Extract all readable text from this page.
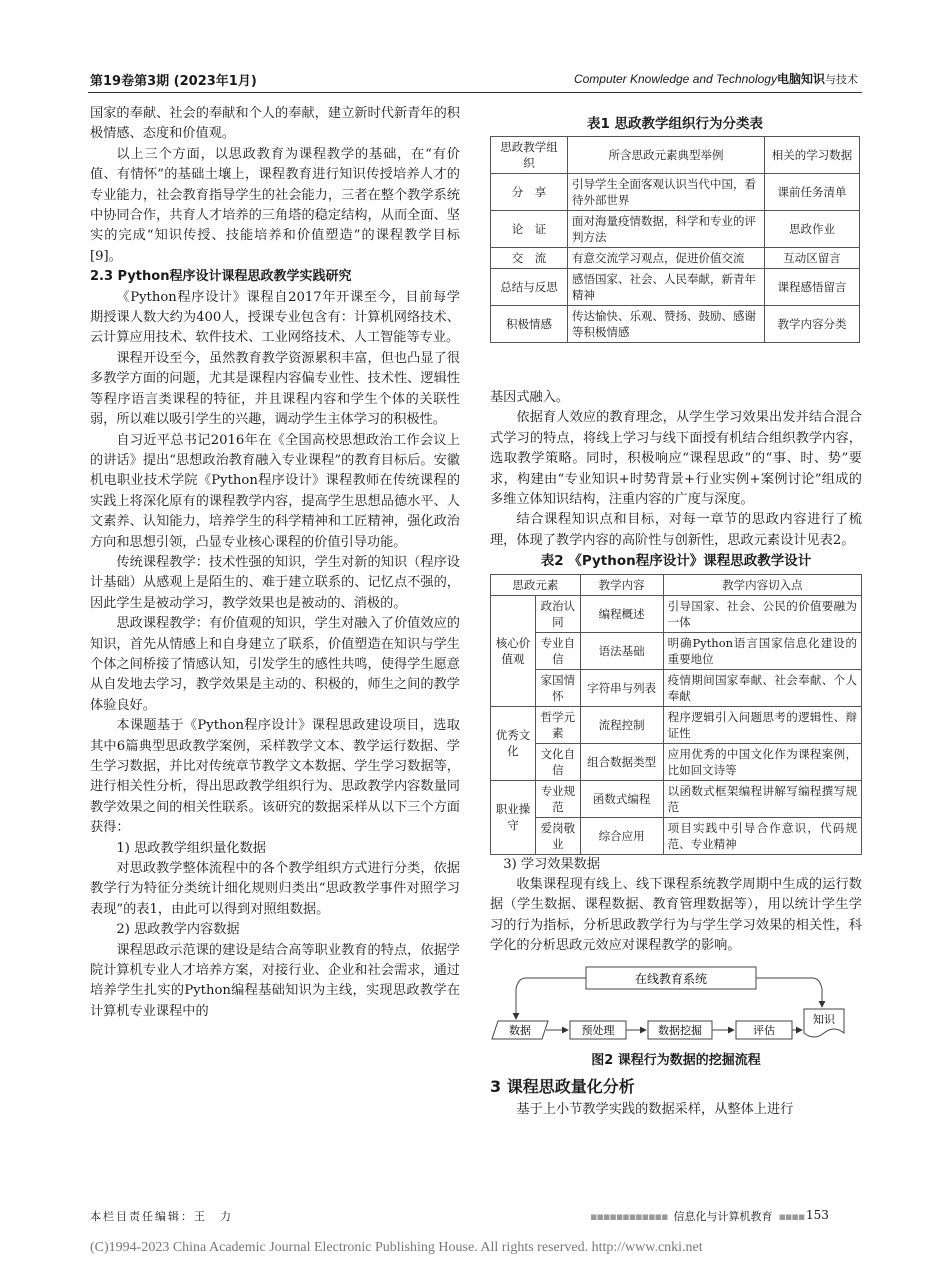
第19卷第3期 (2023年1月)	Computer Knowledge and Technology电脑知识与技术

国家的奉献、社会的奉献和个人的奉献，建立新时代新青年的积极情感、态度和价值观。

以上三个方面，以思政教育为课程教学的基础，在“有价值、有情怀”的基础土壤上，课程教育进行知识传授培养人才的专业能力，社会教育指导学生的社会能力，三者在整个教学系统中协同合作，共育人才培养的三角塔的稳定结构，从而全面、坚实的完成“知识传授、技能培养和价值塑造”的课程教学目标[9]。

2.3 Python程序设计课程思政教学实践研究

《Python程序设计》课程自2017年开课至今，目前每学期授课人数大约为400人，授课专业包含有：计算机网络技术、云计算应用技术、软件技术、工业网络技术、人工智能等专业。

课程开设至今，虽然教育教学资源累积丰富，但也凸显了很多教学方面的问题，尤其是课程内容偏专业性、技术性、逻辑性等程序语言类课程的特征，并且课程内容和学生个体的关联性弱，所以难以吸引学生的兴趣，调动学生主体学习的积极性。

自习近平总书记2016年在《全国高校思想政治工作会议上的讲话》提出“思想政治教育融入专业课程”的教育目标后。安徽机电职业技术学院《Python程序设计》课程教师在传统课程的实践上将深化原有的课程教学内容，提高学生思想品德水平、人文素养、认知能力，培养学生的科学精神和工匠精神，强化政治方向和思想引领，凸显专业核心课程的价值引导功能。

传统课程教学：技术性强的知识，学生对新的知识（程序设计基础）从感观上是陌生的、难于建立联系的、记忆点不强的，因此学生是被动学习，教学效果也是被动的、消极的。

思政课程教学：有价值观的知识，学生对融入了价值效应的知识，首先从情感上和自身建立了联系，价值塑造在知识与学生个体之间桥接了情感认知，引发学生的感性共鸣，使得学生愿意从自发地去学习，教学效果是主动的、积极的，师生之间的教学体验良好。

本课题基于《Python程序设计》课程思政建设项目，选取其中6篇典型思政教学案例，采样教学文本、教学运行数据、学生学习数据，并比对传统章节教学文本数据、学生学习数据等，进行相关性分析，得出思政教学组织行为、思政教学内容数量同教学效果之间的相关性联系。该研究的数据采样从以下三个方面获得：

1) 思政教学组织量化数据

对思政教学整体流程中的各个教学组织方式进行分类，依据教学行为特征分类统计细化规则归类出“思政教学事件对照学习表现”的表1，由此可以得到对照组数据。

2) 思政教学内容数据

课程思政示范课的建设是结合高等职业教育的特点，依据学院计算机专业人才培养方案，对接行业、企业和社会需求，通过培养学生扎实的Python编程基础知识为主线，实现思政教学在计算机专业课程中的

表1 思政教学组织行为分类表
思政教学组织	所含思政元素典型举例	相关的学习数据
分　享	引导学生全面客观认识当代中国，看待外部世界	课前任务清单
论　证	面对海量疫情数据，科学和专业的评判方法	思政作业
交　流	有意交流学习观点，促进价值交流	互动区留言
总结与反思	感悟国家、社会、人民奉献，新青年精神	课程感悟留言
积极情感	传达愉快、乐观、赞扬、鼓励、感谢等积极情感	教学内容分类

基因式融入。

依据育人效应的教育理念，从学生学习效果出发并结合混合式学习的特点，将线上学习与线下面授有机结合组织教学内容，选取教学策略。同时，积极响应“课程思政”的“事、时、势”要求，构建由“专业知识+时势背景+行业实例+案例讨论”组成的多维立体知识结构，注重内容的广度与深度。

结合课程知识点和目标，对每一章节的思政内容进行了梳理，体现了教学内容的高阶性与创新性，思政元素设计见表2。

表2 《Python程序设计》课程思政教学设计
思政元素		教学内容	教学内容切入点
核心价值观	政治认同	编程概述	引导国家、社会、公民的价值要融为一体
	专业自信	语法基础	明确Python语言国家信息化建设的重要地位
	家国情怀	字符串与列表	疫情期间国家奉献、社会奉献、个人奉献
优秀文化	哲学元素	流程控制	程序逻辑引入问题思考的逻辑性、辩证性
	文化自信	组合数据类型	应用优秀的中国文化作为课程案例，比如回文诗等
职业操守	专业规范	函数式编程	以函数式框架编程讲解写编程撰写规范
	爱岗敬业	综合应用	项目实践中引导合作意识，代码规范、专业精神

3) 学习效果数据

收集课程现有线上、线下课程系统教学周期中生成的运行数据（学生数据、课程数据、教育管理数据等），用以统计学生学习的行为指标，分析思政教学行为与学生学习效果的相关性，科学化的分析思政元效应对课程教学的影响。

在线教育系统
数据	预处理	数据挖掘	评估
知识
图2 课程行为数据的挖掘流程
3 课程思政量化分析

基于上小节教学实践的数据采样，从整体上进行

本栏目责任编辑：王　力	▪▪▪▪▪▪▪▪▪▪▪▪ 信息化与计算机教育 ▪▪▪▪ 153
(C)1994-2023 China Academic Journal Electronic Publishing House. All rights reserved. http://www.cnki.net
